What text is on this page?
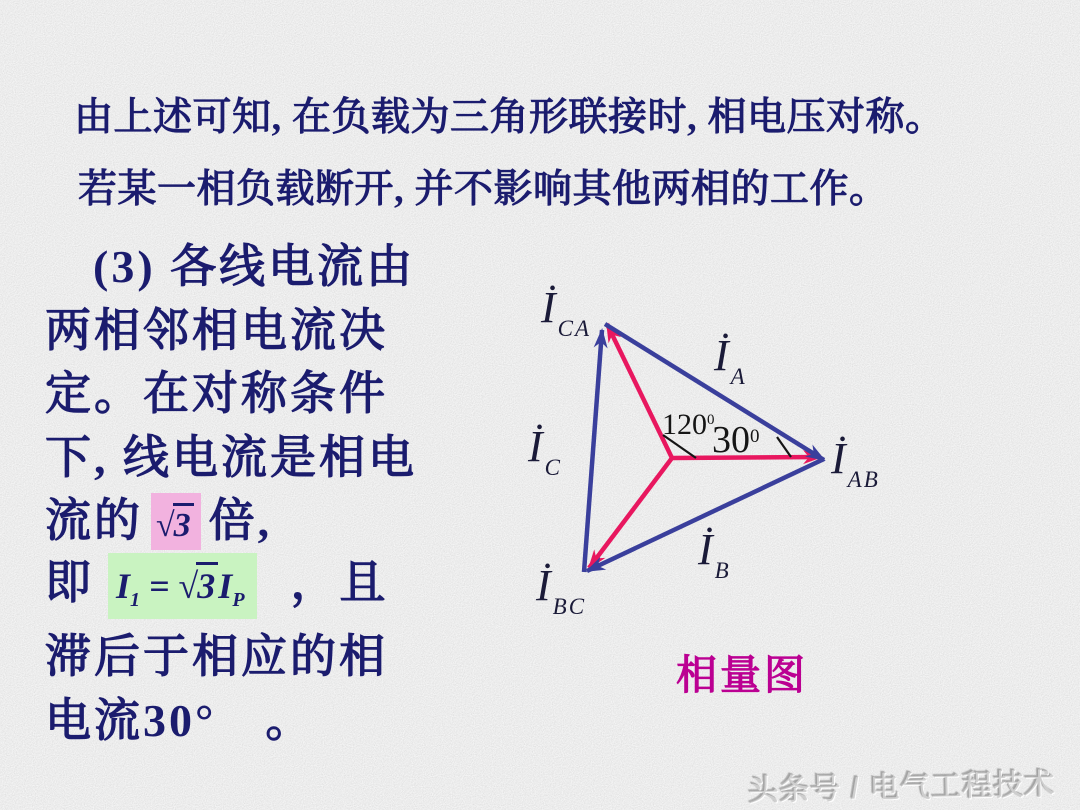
由上述可知, 在负载为三角形联接时, 相电压对称。
若某一相负载断开, 并不影响其他两相的工作。
(3) 各线电流由
两相邻相电流决
定。在对称条件
下, 线电流是相电
流的 √3 倍,
即 $I_1 = √3I_P$ ，且
滞后于相应的相
电流30°　。
$İ_{CA}$
$İ_A$
$İ_C$	$İ_{AB}$
$İ_B$
$İ_{BC}$
$120^0$
$30^0$
相量图
头条号 / 电气工程技术
